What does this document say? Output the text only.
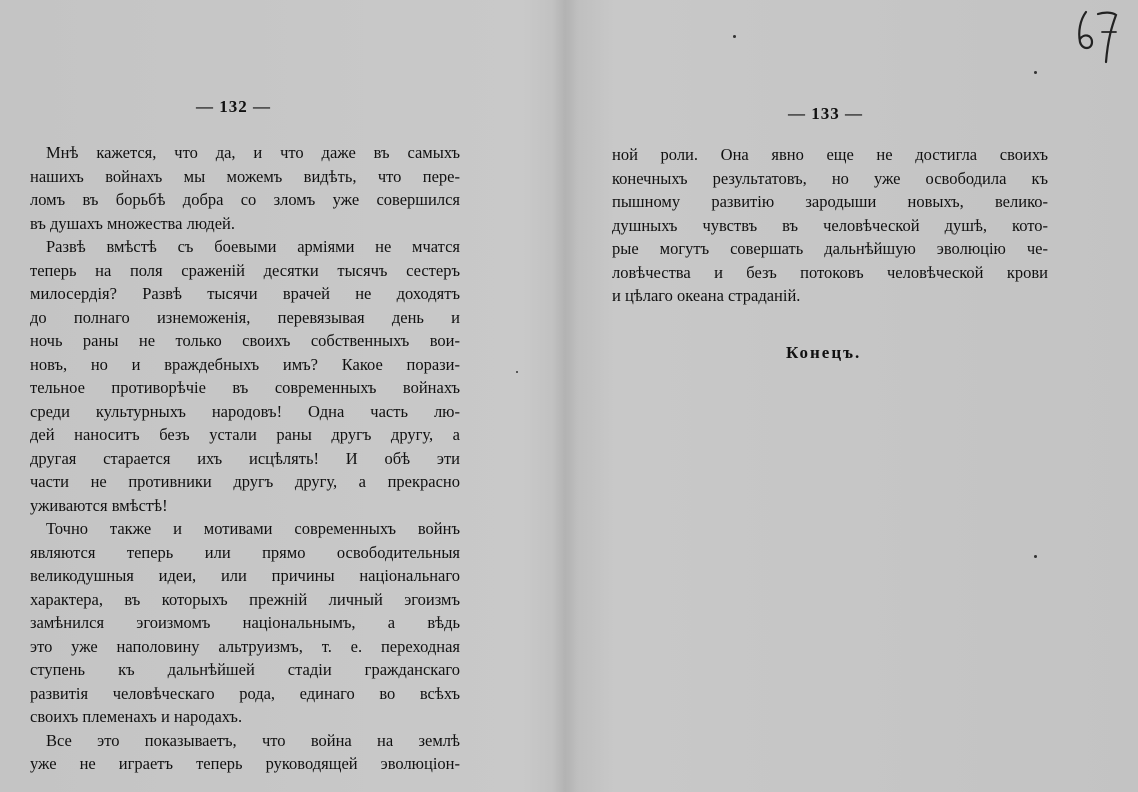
— 132 —
Мнѣ кажется, что да, и что даже въ самыхъ
нашихъ войнахъ мы можемъ видѣть, что пере-
ломъ въ борьбѣ добра со зломъ уже совершился
въ душахъ множества людей.
Развѣ вмѣстѣ съ боевыми арміями не мчатся
теперь на поля сраженій десятки тысячъ сестеръ
милосердія? Развѣ тысячи врачей не доходятъ
до полнаго изнеможенія, перевязывая день и
ночь раны не только своихъ собственныхъ вои-
новъ, но и враждебныхъ имъ? Какое порази-
тельное противорѣчіе въ современныхъ войнахъ
среди культурныхъ народовъ! Одна часть лю-
дей наноситъ безъ устали раны другъ другу, а
другая старается ихъ исцѣлять! И обѣ эти
части не противники другъ другу, а прекрасно
уживаются вмѣстѣ!
Точно также и мотивами современныхъ войнъ
являются теперь или прямо освободительныя
великодушныя идеи, или причины національнаго
характера, въ которыхъ прежній личный эгоизмъ
замѣнился эгоизмомъ національнымъ, а вѣдь
это уже наполовину альтруизмъ, т. е. переходная
ступень къ дальнѣйшей стадіи гражданскаго
развитія человѣческаго рода, единаго во всѣхъ
своихъ племенахъ и народахъ.
Все это показываетъ, что война на землѣ
уже не играетъ теперь руководящей эволюціон-
— 133 —
ной роли. Она явно еще не достигла своихъ
конечныхъ результатовъ, но уже освободила къ
пышному развитію зародыши новыхъ, велико-
душныхъ чувствъ въ человѣческой душѣ, кото-
рые могутъ совершать дальнѣйшую эволюцію че-
ловѣчества и безъ потоковъ человѣческой крови
и цѣлаго океана страданій.
Конецъ.
